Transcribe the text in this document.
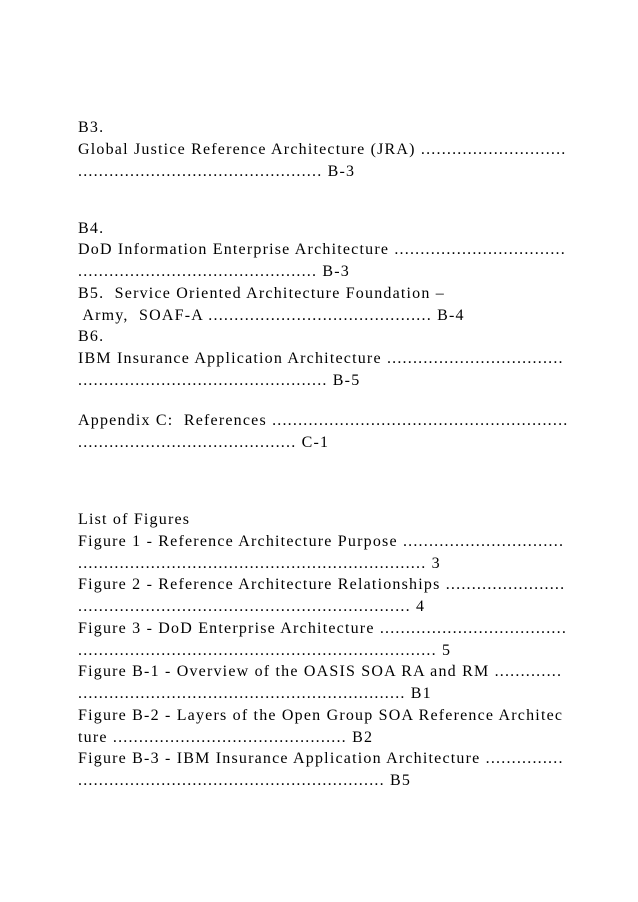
B3.
Global Justice Reference Architecture (JRA) ............................
............................................... B-3
B4.
DoD Information Enterprise Architecture .................................
.............................................. B-3
B5.  Service Oriented Architecture Foundation –
Army,  SOAF-A ........................................... B-4
B6.
IBM Insurance Application Architecture ..................................
................................................ B-5
Appendix C:  References .........................................................
.......................................... C-1
List of Figures
Figure 1 - Reference Architecture Purpose ...............................
................................................................... 3
Figure 2 - Reference Architecture Relationships .......................
................................................................ 4
Figure 3 - DoD Enterprise Architecture ....................................
..................................................................... 5
Figure B-1 - Overview of the OASIS SOA RA and RM .............
............................................................... B1
Figure B-2 - Layers of the Open Group SOA Reference Architec
ture ............................................. B2
Figure B-3 - IBM Insurance Application Architecture ...............
........................................................... B5
